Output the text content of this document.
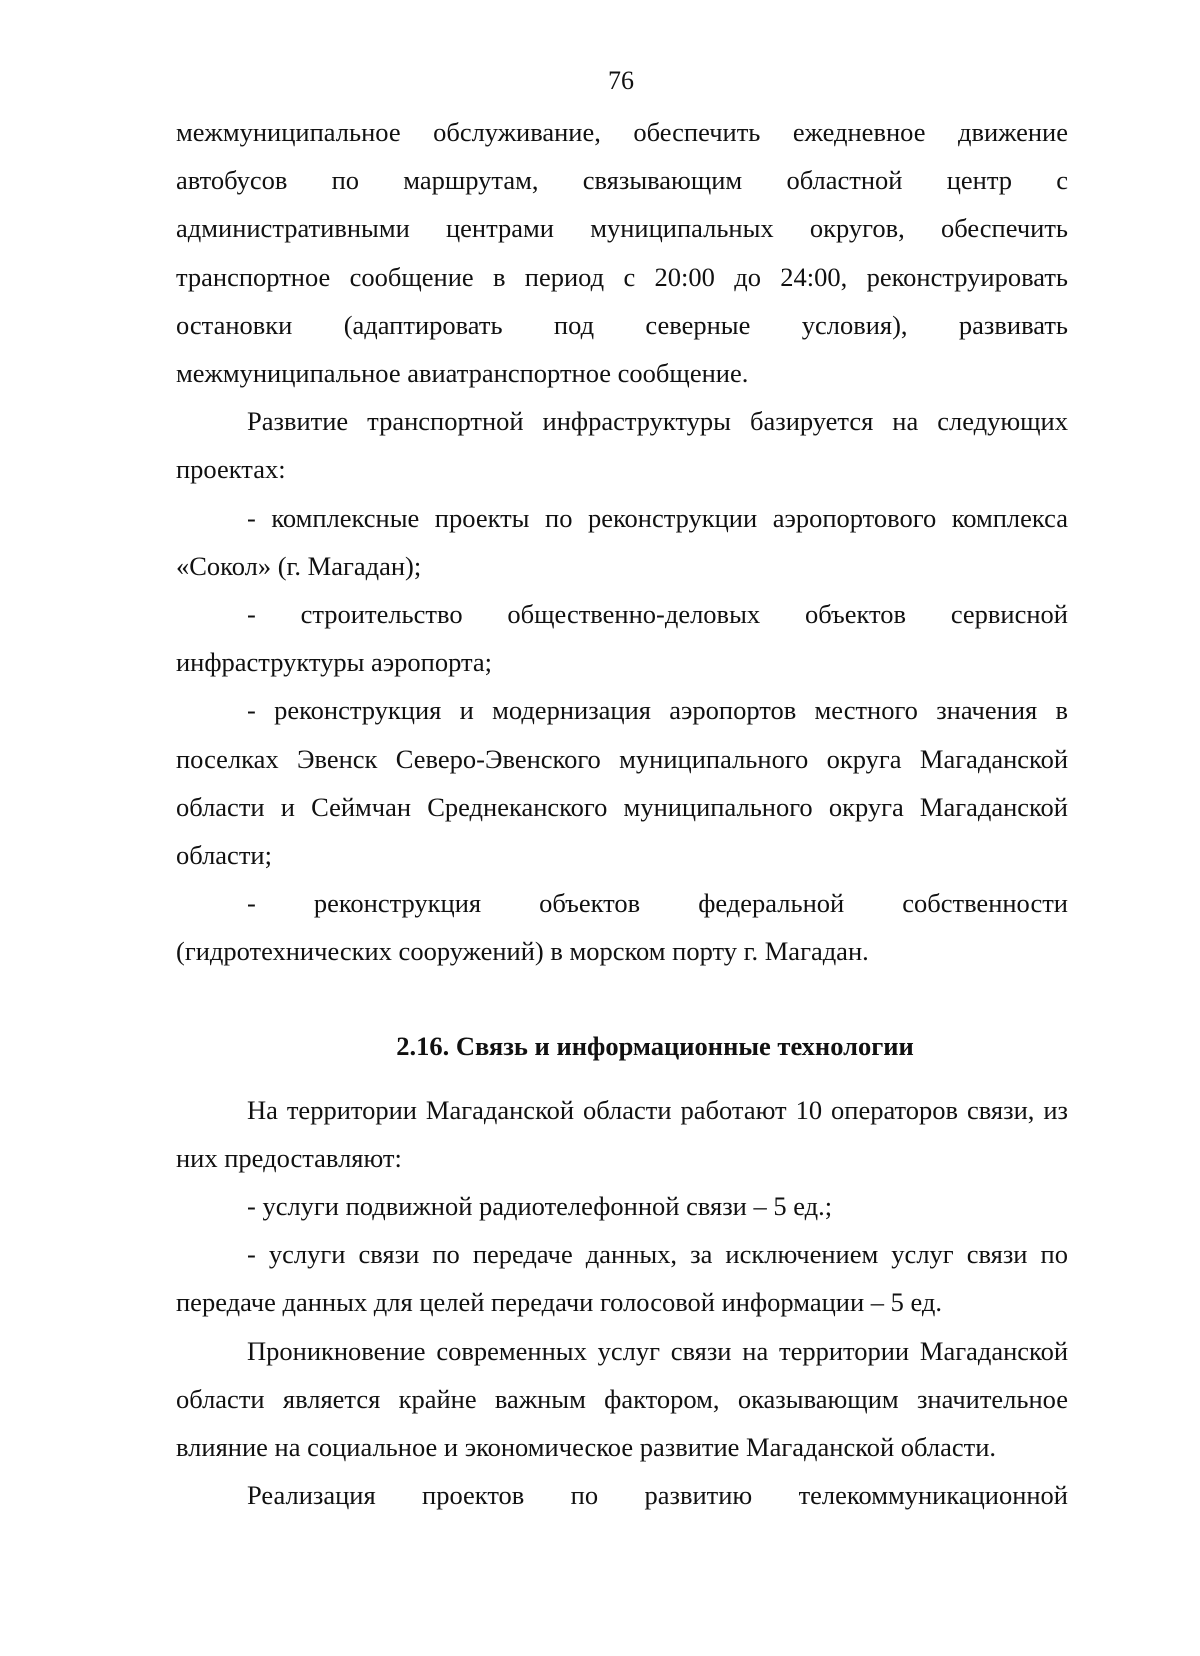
76

межмуниципальное обслуживание, обеспечить ежедневное движение автобусов по маршрутам, связывающим областной центр с административными центрами муниципальных округов, обеспечить транспортное сообщение в период с 20:00 до 24:00, реконструировать остановки (адаптировать под северные условия), развивать межмуниципальное авиатранспортное сообщение.

Развитие транспортной инфраструктуры базируется на следующих проектах:

- комплексные проекты по реконструкции аэропортового комплекса «Сокол» (г. Магадан);

- строительство общественно-деловых объектов сервисной инфраструктуры аэропорта;

- реконструкция и модернизация аэропортов местного значения в поселках Эвенск Северо-Эвенского муниципального округа Магаданской области и Сеймчан Среднеканского муниципального округа Магаданской области;

- реконструкция объектов федеральной собственности (гидротехнических сооружений) в морском порту г. Магадан.

2.16. Связь и информационные технологии

На территории Магаданской области работают 10 операторов связи, из них предоставляют:

- услуги подвижной радиотелефонной связи – 5 ед.;

- услуги связи по передаче данных, за исключением услуг связи по передаче данных для целей передачи голосовой информации – 5 ед.

Проникновение современных услуг связи на территории Магаданской области является крайне важным фактором, оказывающим значительное влияние на социальное и экономическое развитие Магаданской области.

Реализация проектов по развитию телекоммуникационной
